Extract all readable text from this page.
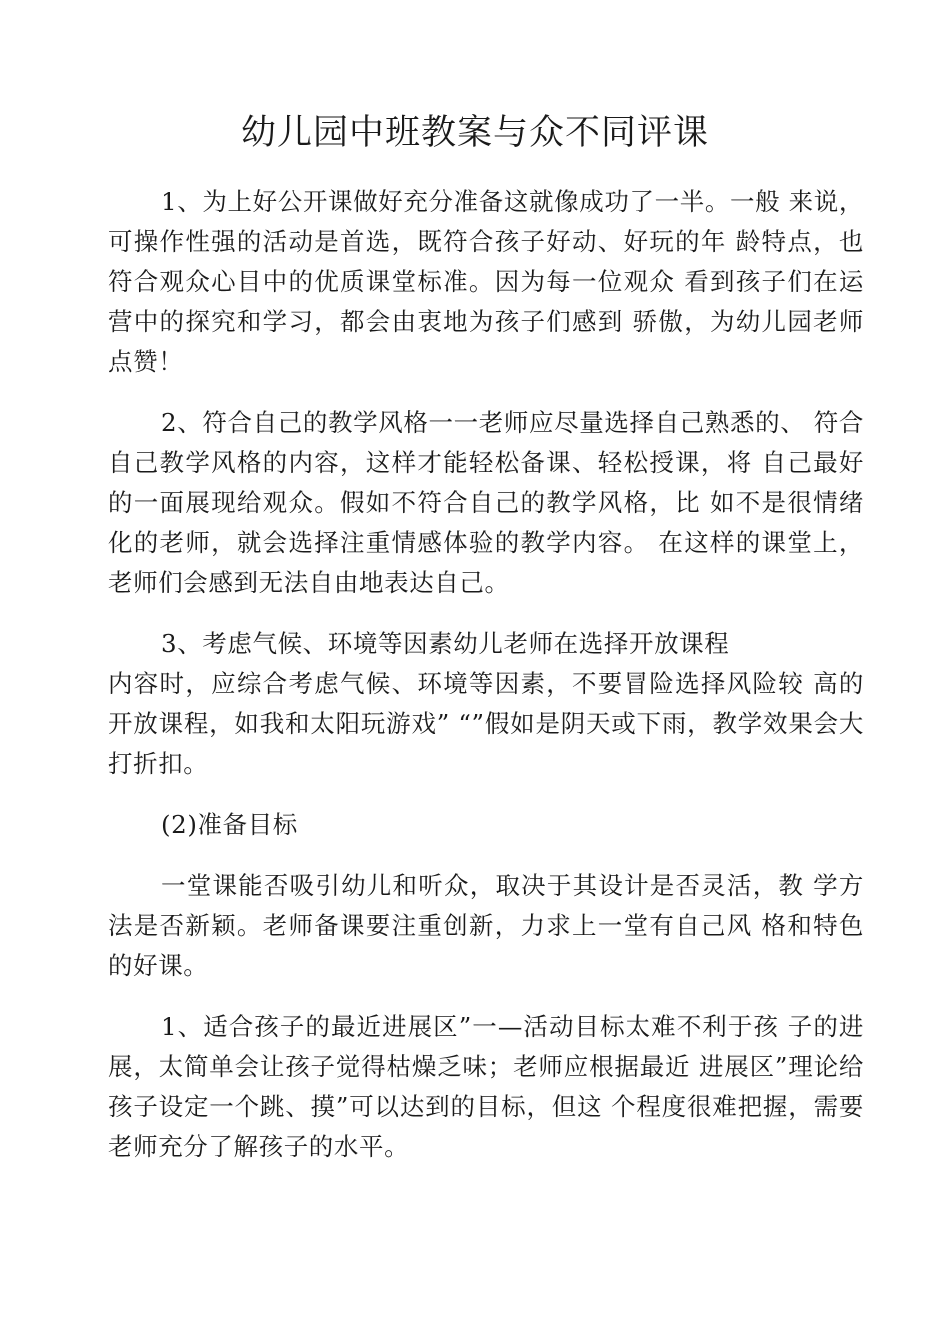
幼儿园中班教案与众不同评课

1、为上好公开课做好充分准备这就像成功了一半。一般 来说，可操作性强的活动是首选，既符合孩子好动、好玩的年 龄特点，也符合观众心目中的优质课堂标准。因为每一位观众 看到孩子们在运营中的探究和学习，都会由衷地为孩子们感到 骄傲，为幼儿园老师点赞！

2、符合自己的教学风格一一老师应尽量选择自己熟悉的、 符合自己教学风格的内容，这样才能轻松备课、轻松授课，将 自己最好的一面展现给观众。假如不符合自己的教学风格，比 如不是很情绪化的老师，就会选择注重情感体验的教学内容。 在这样的课堂上，老师们会感到无法自由地表达自己。

3、考虑气候、环境等因素幼儿老师在选择开放课程

内容时，应综合考虑气候、环境等因素，不要冒险选择风险较 高的开放课程，如我和太阳玩游戏” “”假如是阴天或下雨，教学效果会大打折扣。

(2)准备目标

一堂课能否吸引幼儿和听众，取决于其设计是否灵活，教 学方法是否新颖。老师备课要注重创新，力求上一堂有自己风 格和特色的好课。

1、适合孩子的最近进展区”一—活动目标太难不利于孩 子的进展，太简单会让孩子觉得枯燥乏味；老师应根据最近 进展区”理论给孩子设定一个跳、摸”可以达到的目标，但这 个程度很难把握，需要老师充分了解孩子的水平。
